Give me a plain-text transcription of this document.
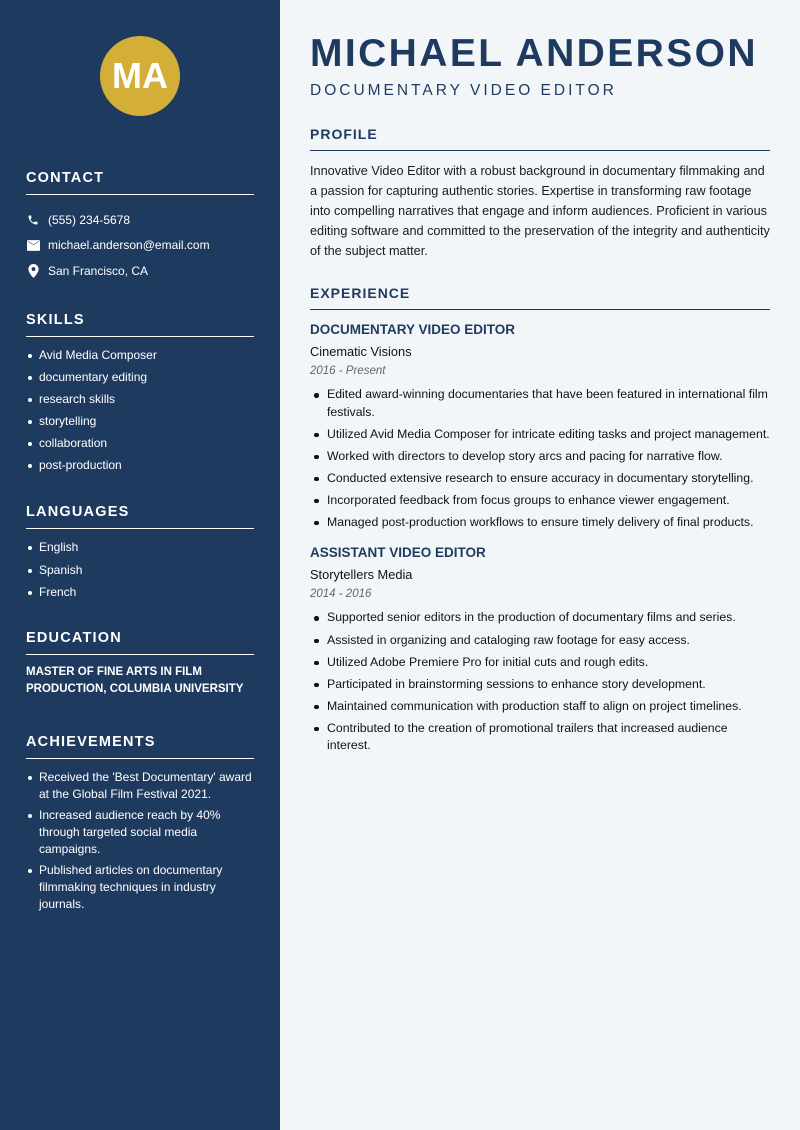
MA
CONTACT
(555) 234-5678
michael.anderson@email.com
San Francisco, CA
SKILLS
Avid Media Composer
documentary editing
research skills
storytelling
collaboration
post-production
LANGUAGES
English
Spanish
French
EDUCATION
MASTER OF FINE ARTS IN FILM PRODUCTION, COLUMBIA UNIVERSITY
ACHIEVEMENTS
Received the 'Best Documentary' award at the Global Film Festival 2021.
Increased audience reach by 40% through targeted social media campaigns.
Published articles on documentary filmmaking techniques in industry journals.
MICHAEL ANDERSON
DOCUMENTARY VIDEO EDITOR
PROFILE
Innovative Video Editor with a robust background in documentary filmmaking and a passion for capturing authentic stories. Expertise in transforming raw footage into compelling narratives that engage and inform audiences. Proficient in various editing software and committed to the preservation of the integrity and authenticity of the subject matter.
EXPERIENCE
DOCUMENTARY VIDEO EDITOR
Cinematic Visions
2016 - Present
Edited award-winning documentaries that have been featured in international film festivals.
Utilized Avid Media Composer for intricate editing tasks and project management.
Worked with directors to develop story arcs and pacing for narrative flow.
Conducted extensive research to ensure accuracy in documentary storytelling.
Incorporated feedback from focus groups to enhance viewer engagement.
Managed post-production workflows to ensure timely delivery of final products.
ASSISTANT VIDEO EDITOR
Storytellers Media
2014 - 2016
Supported senior editors in the production of documentary films and series.
Assisted in organizing and cataloging raw footage for easy access.
Utilized Adobe Premiere Pro for initial cuts and rough edits.
Participated in brainstorming sessions to enhance story development.
Maintained communication with production staff to align on project timelines.
Contributed to the creation of promotional trailers that increased audience interest.
